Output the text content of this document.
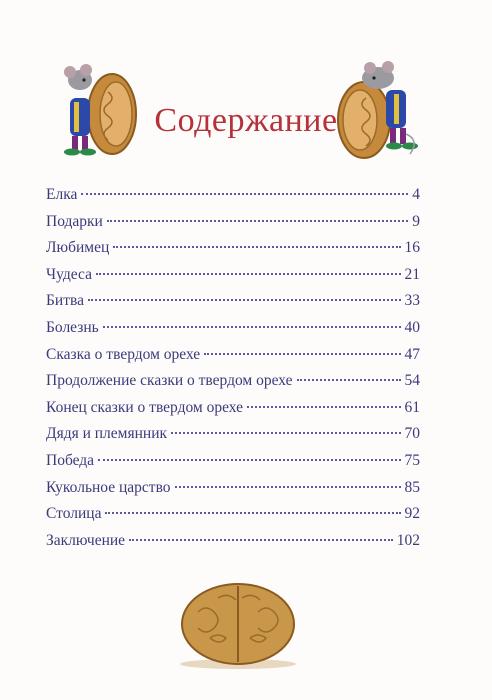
Содержание
Елка	4
Подарки	9
Любимец	16
Чудеса	21
Битва	33
Болезнь	40
Сказка о твердом орехе	47
Продолжение сказки о твердом орехе	54
Конец сказки о твердом орехе	61
Дядя и племянник	70
Победа	75
Кукольное царство	85
Столица	92
Заключение	102
